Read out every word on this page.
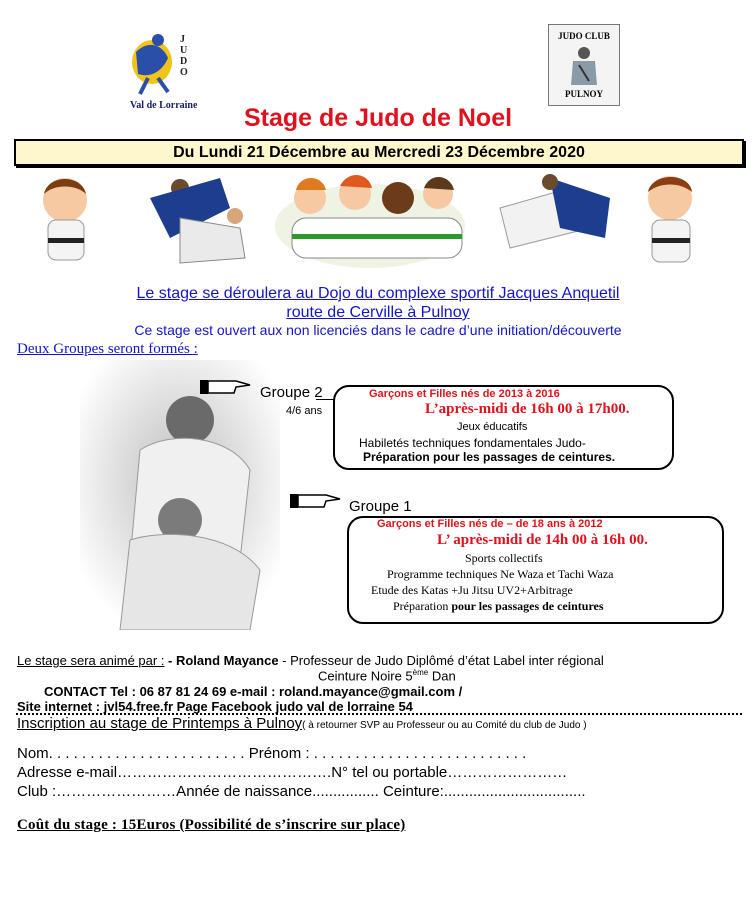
J
U
D
O
Val de Lorraine
JUDO CLUB
PULNOY
Stage de Judo de Noel
Du Lundi 21 Décembre au Mercredi 23 Décembre 2020
Le stage se déroulera au Dojo du complexe sportif Jacques Anquetil
route de Cerville à Pulnoy
Ce stage est ouvert aux non licenciés dans le cadre d’une initiation/découverte
Deux Groupes seront formés :
Groupe 2
4/6 ans
Garçons et Filles nés de 2013 à 2016
L’après-midi de 16h 00 à 17h00.
Jeux éducatifs
Habiletés techniques fondamentales Judo-
Préparation pour les passages de ceintures.
Groupe 1
Garçons et Filles nés de – de 18 ans à 2012
L’ après-midi de 14h 00 à 16h 00.
Sports collectifs
Programme techniques Ne Waza et Tachi Waza
Etude des Katas +Ju Jitsu UV2+Arbitrage
Préparation pour les passages de ceintures
Le stage sera animé par : - Roland Mayance - Professeur de Judo Diplômé d’état Label inter régional
Ceinture Noire 5ème Dan
CONTACT Tel : 06 87 81 24 69 e-mail : roland.mayance@gmail.com /
Site internet : jvl54.free.fr Page Facebook judo val de lorraine 54
Inscription au stage de Printemps à Pulnoy( à retourner SVP au Professeur ou au Comité du club de Judo )
Nom. . . . . . . . . . . . . . . . . . . . . . . . Prénom : . . . . . . . . . . . . . . . . . . . . . . . . . .
Adresse e-mail…………………………………….N° tel ou portable……………………
Club :……………………Année de naissance................ Ceinture:..................................
Coût du stage : 15Euros (Possibilité de s’inscrire sur place)
